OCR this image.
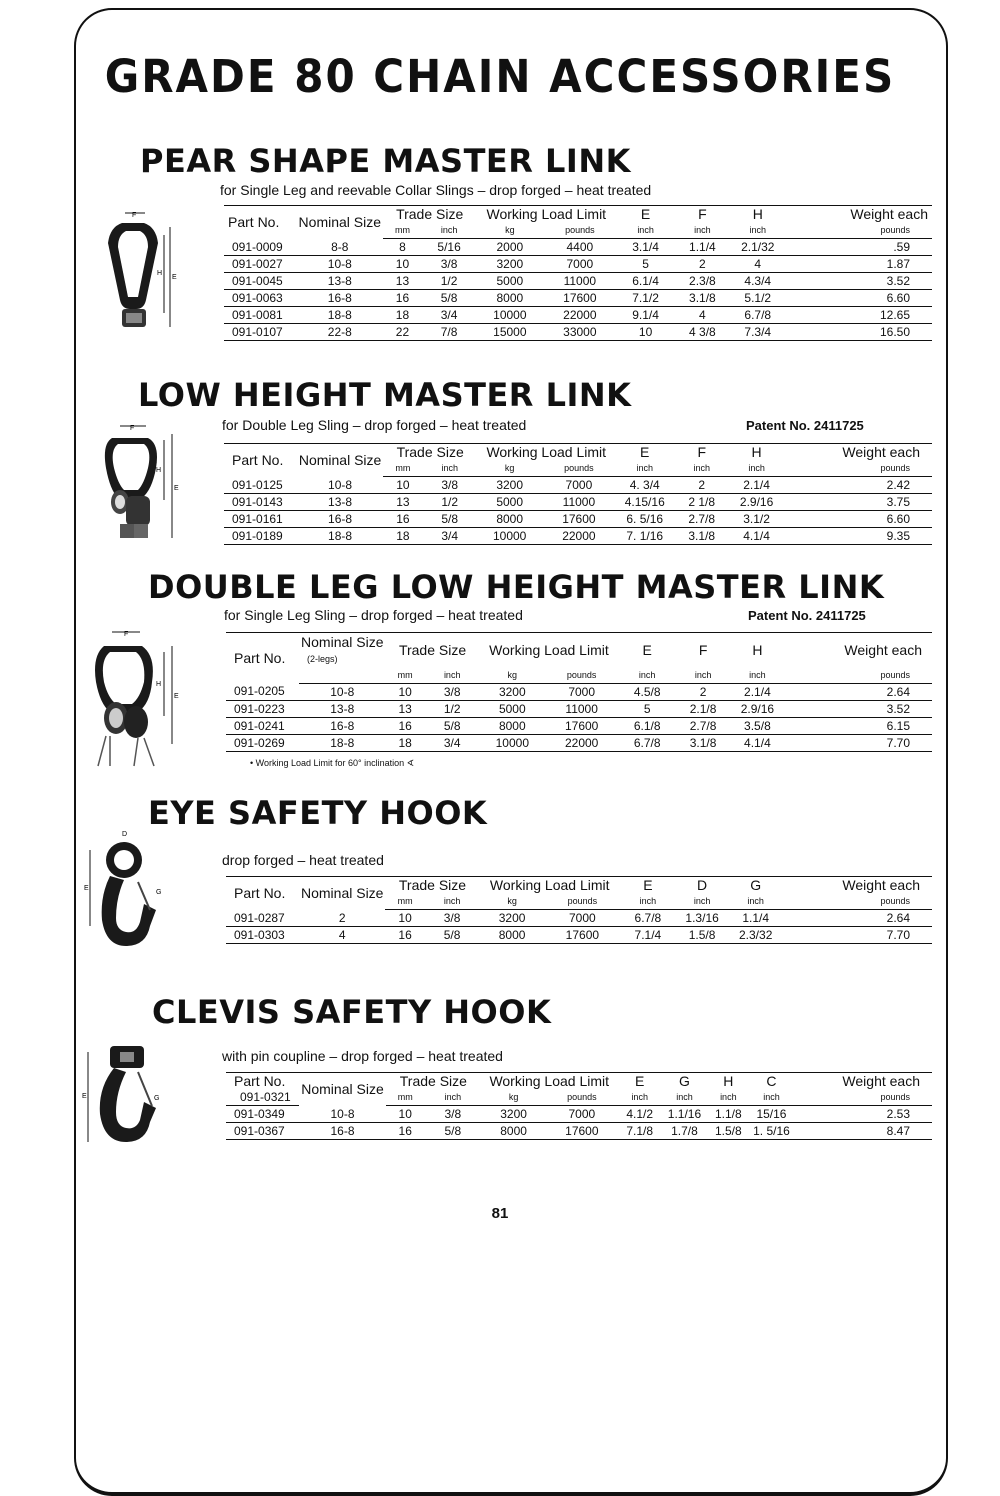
GRADE 80 CHAIN ACCESSORIES
PEAR SHAPE MASTER LINK
for Single Leg and reevable Collar Slings – drop forged – heat treated
F
H
E
Part No.	Nominal Size	Trade Size		Working Load Limit		E	F	H	Weight each
		mm	inch	kg	pounds	inch	inch	inch	pounds
091-0009	8-8	8	5/16	2000	4400	3.1/4	1.1/4	2.1/32	.59
091-0027	10-8	10	3/8	3200	7000	5	2	4	1.87
091-0045	13-8	13	1/2	5000	11000	6.1/4	2.3/8	4.3/4	3.52
091-0063	16-8	16	5/8	8000	17600	7.1/2	3.1/8	5.1/2	6.60
091-0081	18-8	18	3/4	10000	22000	9.1/4	4	6.7/8	12.65
091-0107	22-8	22	7/8	15000	33000	10	4 3/8	7.3/4	16.50
LOW HEIGHT MASTER LINK
for Double Leg Sling – drop forged – heat treated	Patent No. 2411725
F
H
E
Part No.	Nominal Size	Trade Size		Working Load Limit		E	F	H	Weight each
		mm	inch	kg	pounds	inch	inch	inch	pounds
091-0125	10-8	10	3/8	3200	7000	4. 3/4	2	2.1/4	2.42
091-0143	13-8	13	1/2	5000	11000	4.15/16	2 1/8	2.9/16	3.75
091-0161	16-8	16	5/8	8000	17600	6. 5/16	2.7/8	3.1/2	6.60
091-0189	18-8	18	3/4	10000	22000	7. 1/16	3.1/8	4.1/4	9.35
DOUBLE LEG LOW HEIGHT MASTER LINK
for Single Leg Sling – drop forged – heat treated	Patent No. 2411725
F
H
E
Part No.	Nominal Size	Trade Size		Working Load Limit		E	F	H	Weight each
	(2-legs)								
		mm	inch	kg	pounds	inch	inch	inch	pounds
091-0205	10-8	10	3/8	3200	7000	4.5/8	2	2.1/4	2.64
091-0223	13-8	13	1/2	5000	11000	5	2.1/8	2.9/16	3.52
091-0241	16-8	16	5/8	8000	17600	6.1/8	2.7/8	3.5/8	6.15
091-0269	18-8	18	3/4	10000	22000	6.7/8	3.1/8	4.1/4	7.70
• Working Load Limit for 60° inclination ∢
EYE SAFETY HOOK
drop forged – heat treated
D
E
G	Part No.	Nominal Size	Trade Size		Working Load Limit		E	D	G	Weight each
		mm	inch	kg	pounds	inch	inch	inch	pounds
091-0287	2	10	3/8	3200	7000	6.7/8	1.3/16	1.1/4	2.64
091-0303	4	16	5/8	8000	17600	7.1/4	1.5/8	2.3/32	7.70
CLEVIS SAFETY HOOK
with pin coupline – drop forged – heat treated
E	G
Part No.	Nominal Size	Trade Size		Working Load Limit		E	G	H	C	Weight each
091-0321		mm	inch	kg	pounds	inch	inch	inch	inch	pounds
091-0349	10-8	10	3/8	3200	7000	4.1/2	1.1/16	1.1/8	15/16	2.53
091-0367	16-8	16	5/8	8000	17600	7.1/8	1.7/8	1.5/8	1. 5/16	8.47
81
